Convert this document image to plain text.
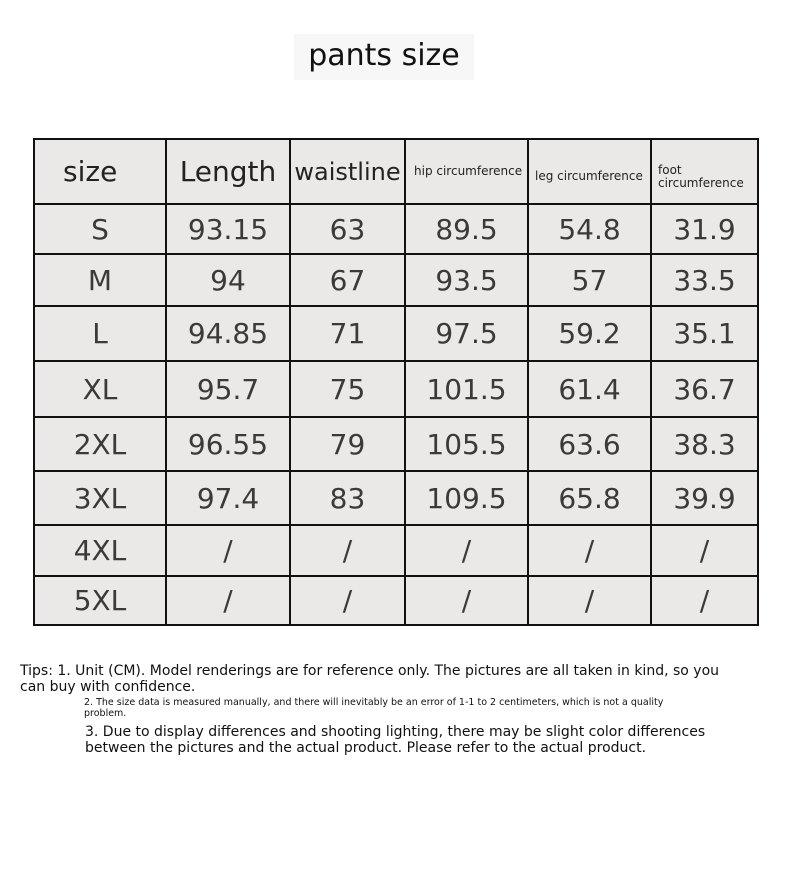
pants size
size	Length	waistline	hip circumference	leg circumference	foot circumference
S	93.15	63	89.5	54.8	31.9
M	94	67	93.5	57	33.5
L	94.85	71	97.5	59.2	35.1
XL	95.7	75	101.5	61.4	36.7
2XL	96.55	79	105.5	63.6	38.3
3XL	97.4	83	109.5	65.8	39.9
4XL	/	/	/	/	/
5XL	/	/	/	/	/
Tips: 1. Unit (CM). Model renderings are for reference only. The pictures are all taken in kind, so you can buy with confidence.
2. The size data is measured manually, and there will inevitably be an error of 1-1 to 2 centimeters, which is not a quality problem.
3. Due to display differences and shooting lighting, there may be slight color differences between the pictures and the actual product. Please refer to the actual product.
